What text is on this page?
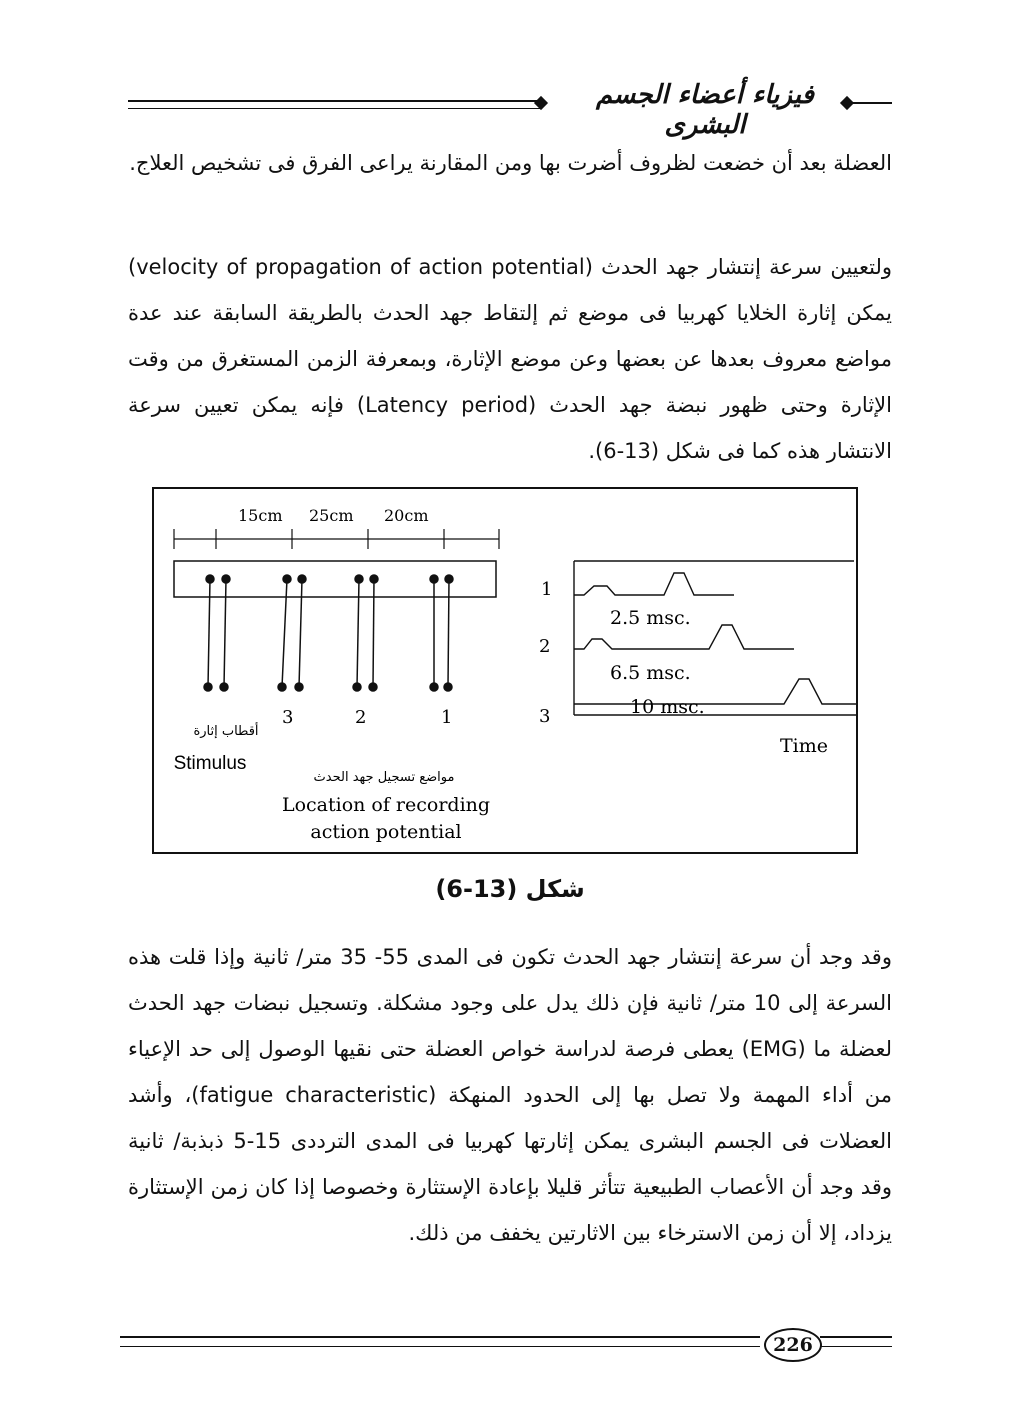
فيزياء أعضاء الجسم البشرى

العضلة بعد أن خضعت لظروف أضرت بها ومن المقارنة يراعى الفرق فى تشخيص العلاج.

ولتعيين سرعة إنتشار جهد الحدث (velocity of propagation of action potential) يمكن إثارة الخلايا كهربيا فى موضع ثم إلتقاط جهد الحدث بالطريقة السابقة عند عدة مواضع معروف بعدها عن بعضها وعن موضع الإثارة، وبمعرفة الزمن المستغرق من وقت الإثارة وحتى ظهور نبضة جهد الحدث (Latency period) فإنه يمكن تعيين سرعة الانتشار هذه كما فى شكل (13-6).

15cm 25cm 20cm
3	2	1
أقطاب إثارة
Stimulus
مواضع تسجيل جهد الحدث
Location of recording
action potential
1
2
3
2.5 msc.
6.5 msc.
10 msc.
Time
شكل (13-6)

وقد وجد أن سرعة إنتشار جهد الحدث تكون فى المدى 55- 35 متر/ ثانية وإذا قلت هذه السرعة إلى 10 متر/ ثانية فإن ذلك يدل على وجود مشكلة. وتسجيل نبضات جهد الحدث لعضلة ما (EMG) يعطى فرصة لدراسة خواص العضلة حتى نقيها الوصول إلى حد الإعياء من أداء المهمة ولا تصل بها إلى الحدود المنهكة (fatigue characteristic)، وأشد العضلات فى الجسم البشرى يمكن إثارتها كهربيا فى المدى الترددى 15-5 ذبذبة/ ثانية وقد وجد أن الأعصاب الطبيعية تتأثر قليلا بإعادة الإستثارة وخصوصا إذا كان زمن الإستثارة يزداد، إلا أن زمن الاسترخاء بين الاثارتين يخفف من ذلك.

226
